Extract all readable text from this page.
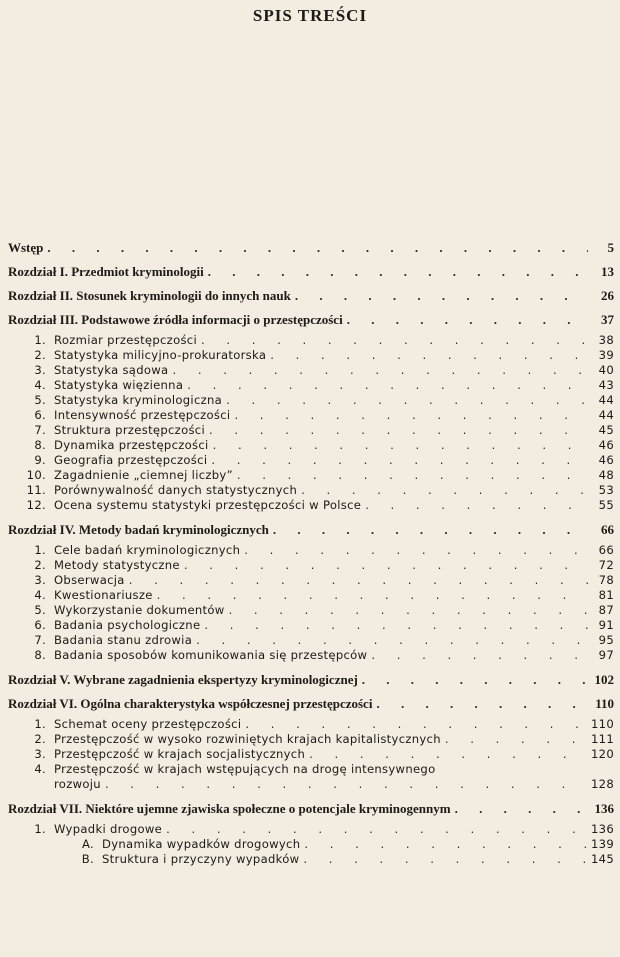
SPIS TREŚCI
Wstęp . . .	5
Rozdział I. Przedmiot kryminologii . . .	13
Rozdział II. Stosunek kryminologii do innych nauk . . .	26
Rozdział III. Podstawowe źródła informacji o przestępczości . . .	37
1. Rozmiar przestępczości . . .	38
2. Statystyka milicyjno-prokuratorska . . .	39
3. Statystyka sądowa . . .	40
4. Statystyka więzienna . . .	43
5. Statystyka kryminologiczna . . .	44
6. Intensywność przestępczości . . .	44
7. Struktura przestępczości . . .	45
8. Dynamika przestępczości . . .	46
9. Geografia przestępczości . . .	46
10. Zagadnienie „ciemnej liczby” . . .	48
11. Porównywalność danych statystycznych . . .	53
12. Ocena systemu statystyki przestępczości w Polsce . . .	55
Rozdział IV. Metody badań kryminologicznych . . .	66
1. Cele badań kryminologicznych . . .	66
2. Metody statystyczne . . .	72
3. Obserwacja . . .	78
4. Kwestionariusze . . .	81
5. Wykorzystanie dokumentów . . .	87
6. Badania psychologiczne . . .	91
7. Badania stanu zdrowia . . .	95
8. Badania sposobów komunikowania się przestępców . . .	97
Rozdział V. Wybrane zagadnienia ekspertyzy kryminologicznej . . .	102
Rozdział VI. Ogólna charakterystyka współczesnej przestępczości . . .	110
1. Schemat oceny przestępczości . . .	110
2. Przestępczość w wysoko rozwiniętych krajach kapitalistycznych . . .	111
3. Przestępczość w krajach socjalistycznych . . .	120
4. Przestępczość w krajach wstępujących na drogę intensywnego
rozwoju . . .	128
Rozdział VII. Niektóre ujemne zjawiska społeczne o potencjale kryminogennym . . .	136
1. Wypadki drogowe . . .	136
A. Dynamika wypadków drogowych . . .	139
B. Struktura i przyczyny wypadków . . .	145
